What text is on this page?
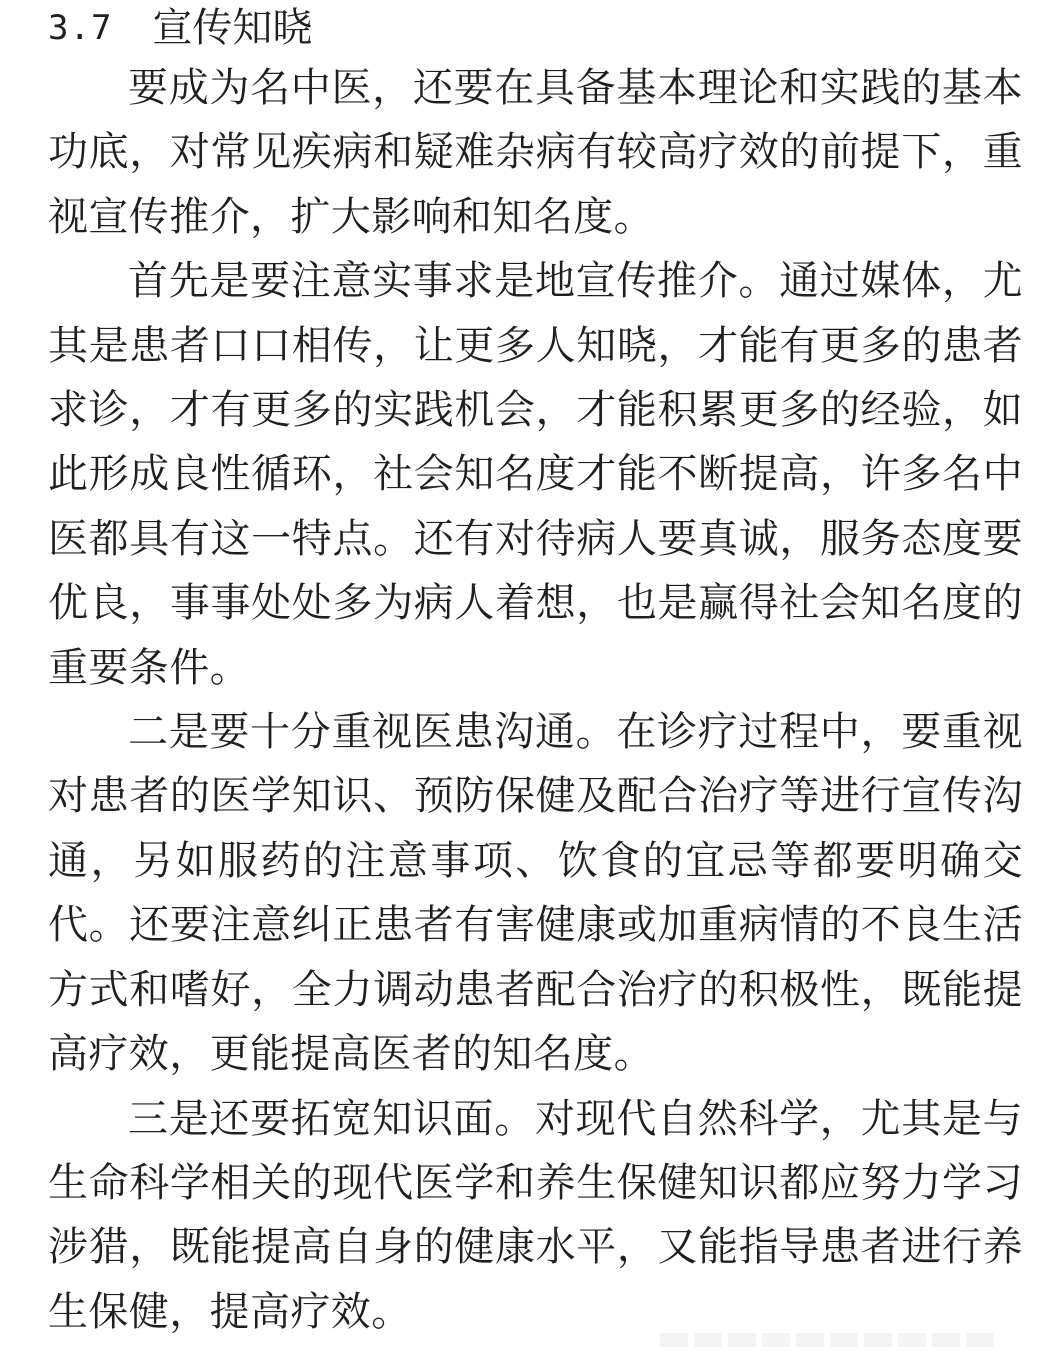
3.7 宣传知晓

要成为名中医，还要在具备基本理论和实践的基本功底，对常见疾病和疑难杂病有较高疗效的前提下，重视宣传推介，扩大影响和知名度。

首先是要注意实事求是地宣传推介。通过媒体，尤其是患者口口相传，让更多人知晓，才能有更多的患者求诊，才有更多的实践机会，才能积累更多的经验，如此形成良性循环，社会知名度才能不断提高，许多名中医都具有这一特点。还有对待病人要真诚，服务态度要优良，事事处处多为病人着想，也是赢得社会知名度的重要条件。

二是要十分重视医患沟通。在诊疗过程中，要重视对患者的医学知识、预防保健及配合治疗等进行宣传沟通，另如服药的注意事项、饮食的宜忌等都要明确交代。还要注意纠正患者有害健康或加重病情的不良生活方式和嗜好，全力调动患者配合治疗的积极性，既能提高疗效，更能提高医者的知名度。

三是还要拓宽知识面。对现代自然科学，尤其是与生命科学相关的现代医学和养生保健知识都应努力学习涉猎，既能提高自身的健康水平，又能指导患者进行养生保健，提高疗效。
